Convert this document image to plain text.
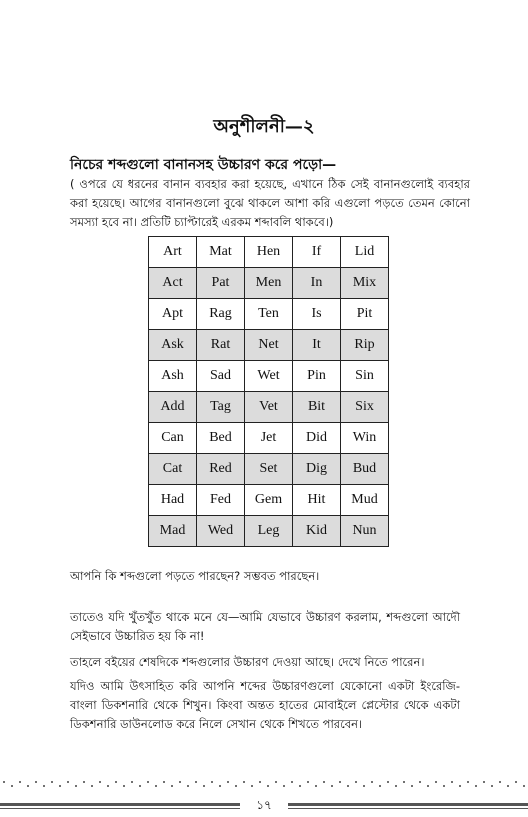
অনুশীলনী—২
নিচের শব্দগুলো বানানসহ উচ্চারণ করে পড়ো—
( ওপরে যে ধরনের বানান ব্যবহার করা হয়েছে, এখানে ঠিক সেই বানানগুলোই ব্যবহার করা হয়েছে। আগের বানানগুলো বুঝে থাকলে আশা করি এগুলো পড়তে তেমন কোনো সমস্যা হবে না। প্রতিটি চ্যাপ্টারেই এরকম শব্দাবলি থাকবে।)
Art	Mat	Hen	If	Lid
Act	Pat	Men	In	Mix
Apt	Rag	Ten	Is	Pit
Ask	Rat	Net	It	Rip
Ash	Sad	Wet	Pin	Sin
Add	Tag	Vet	Bit	Six
Can	Bed	Jet	Did	Win
Cat	Red	Set	Dig	Bud
Had	Fed	Gem	Hit	Mud
Mad	Wed	Leg	Kid	Nun
আপনি কি শব্দগুলো পড়তে পারছেন? সম্ভবত পারছেন।
তাতেও যদি খুঁতখুঁত থাকে মনে যে—আমি যেভাবে উচ্চারণ করলাম, শব্দগুলো আদৌ সেইভাবে উচ্চারিত হয় কি না!
তাহলে বইয়ের শেষদিকে শব্দগুলোর উচ্চারণ দেওয়া আছে। দেখে নিতে পারেন।
যদিও আমি উৎসাহিত করি আপনি শব্দের উচ্চারণগুলো যেকোনো একটা ইংরেজি-বাংলা ডিকশনারি থেকে শিখুন। কিংবা অন্তত হাতের মোবাইলে প্লেস্টোর থেকে একটা ডিকশনারি ডাউনলোড করে নিলে সেখান থেকে শিখতে পারবেন।
১৭
